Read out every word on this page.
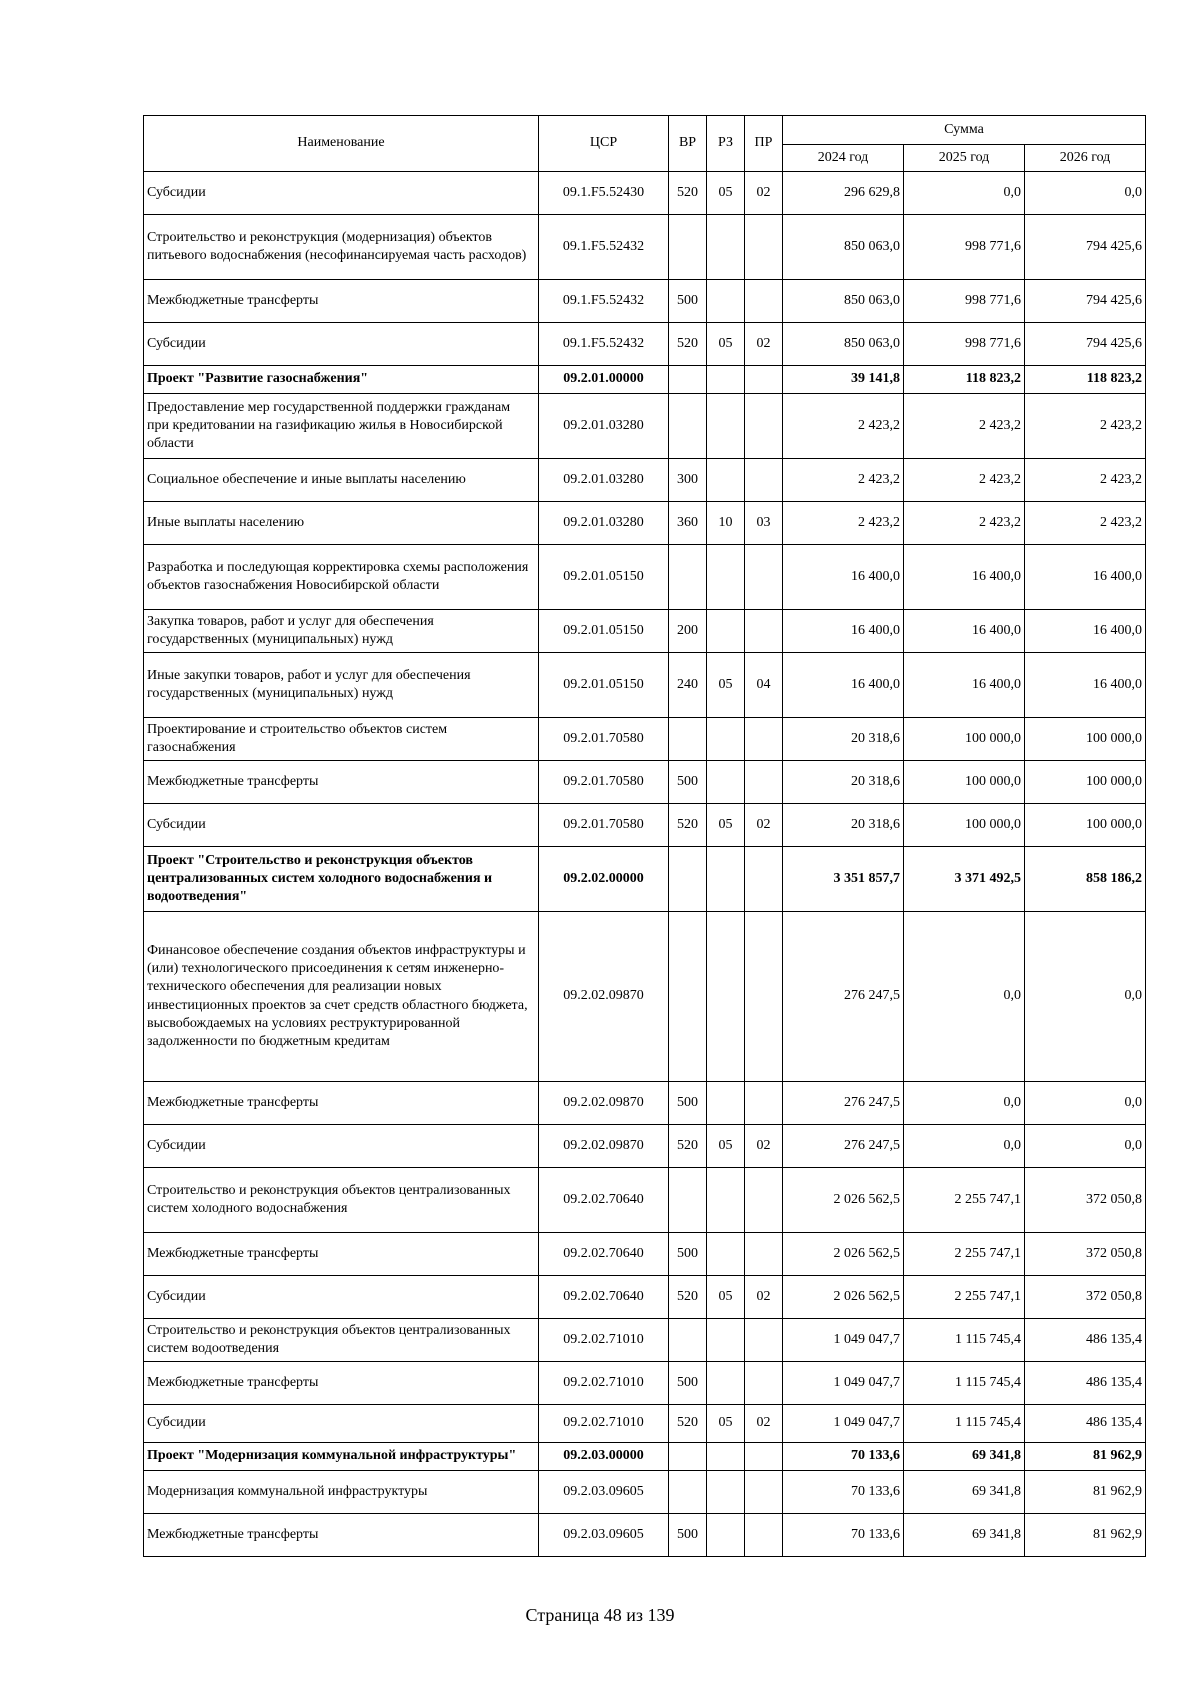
Наименование	ЦСР	ВР	РЗ	ПР	Сумма		
					2024 год	2025 год	2026 год
Субсидии	09.1.F5.52430	520	05	02	296 629,8	0,0	0,0
Строительство и реконструкция (модернизация) объектов питьевого водоснабжения (несофинансируемая часть расходов)	09.1.F5.52432				850 063,0	998 771,6	794 425,6
Межбюджетные трансферты	09.1.F5.52432	500			850 063,0	998 771,6	794 425,6
Субсидии	09.1.F5.52432	520	05	02	850 063,0	998 771,6	794 425,6
Проект "Развитие газоснабжения"	09.2.01.00000				39 141,8	118 823,2	118 823,2
Предоставление мер государственной поддержки гражданам при кредитовании на газификацию жилья в Новосибирской области	09.2.01.03280				2 423,2	2 423,2	2 423,2
Социальное обеспечение и иные выплаты населению	09.2.01.03280	300			2 423,2	2 423,2	2 423,2
Иные выплаты населению	09.2.01.03280	360	10	03	2 423,2	2 423,2	2 423,2
Разработка и последующая корректировка схемы расположения объектов газоснабжения Новосибирской области	09.2.01.05150				16 400,0	16 400,0	16 400,0
Закупка товаров, работ и услуг для обеспечения государственных (муниципальных) нужд	09.2.01.05150	200			16 400,0	16 400,0	16 400,0
Иные закупки товаров, работ и услуг для обеспечения государственных (муниципальных) нужд	09.2.01.05150	240	05	04	16 400,0	16 400,0	16 400,0
Проектирование и строительство объектов систем газоснабжения	09.2.01.70580				20 318,6	100 000,0	100 000,0
Межбюджетные трансферты	09.2.01.70580	500			20 318,6	100 000,0	100 000,0
Субсидии	09.2.01.70580	520	05	02	20 318,6	100 000,0	100 000,0
Проект "Строительство и реконструкция объектов централизованных систем холодного водоснабжения и водоотведения"	09.2.02.00000				3 351 857,7	3 371 492,5	858 186,2
Финансовое обеспечение создания объектов инфраструктуры и (или) технологического присоединения к сетям инженерно-технического обеспечения для реализации новых инвестиционных проектов за счет средств областного бюджета, высвобождаемых на условиях реструктурированной задолженности по бюджетным кредитам	09.2.02.09870				276 247,5	0,0	0,0
Межбюджетные трансферты	09.2.02.09870	500			276 247,5	0,0	0,0
Субсидии	09.2.02.09870	520	05	02	276 247,5	0,0	0,0
Строительство и реконструкция объектов централизованных систем холодного водоснабжения	09.2.02.70640				2 026 562,5	2 255 747,1	372 050,8
Межбюджетные трансферты	09.2.02.70640	500			2 026 562,5	2 255 747,1	372 050,8
Субсидии	09.2.02.70640	520	05	02	2 026 562,5	2 255 747,1	372 050,8
Строительство и реконструкция объектов централизованных систем водоотведения	09.2.02.71010				1 049 047,7	1 115 745,4	486 135,4
Межбюджетные трансферты	09.2.02.71010	500			1 049 047,7	1 115 745,4	486 135,4
Субсидии	09.2.02.71010	520	05	02	1 049 047,7	1 115 745,4	486 135,4
Проект "Модернизация коммунальной инфраструктуры"	09.2.03.00000				70 133,6	69 341,8	81 962,9
Модернизация коммунальной инфраструктуры	09.2.03.09605				70 133,6	69 341,8	81 962,9
Межбюджетные трансферты	09.2.03.09605	500			70 133,6	69 341,8	81 962,9
Страница 48 из 139
